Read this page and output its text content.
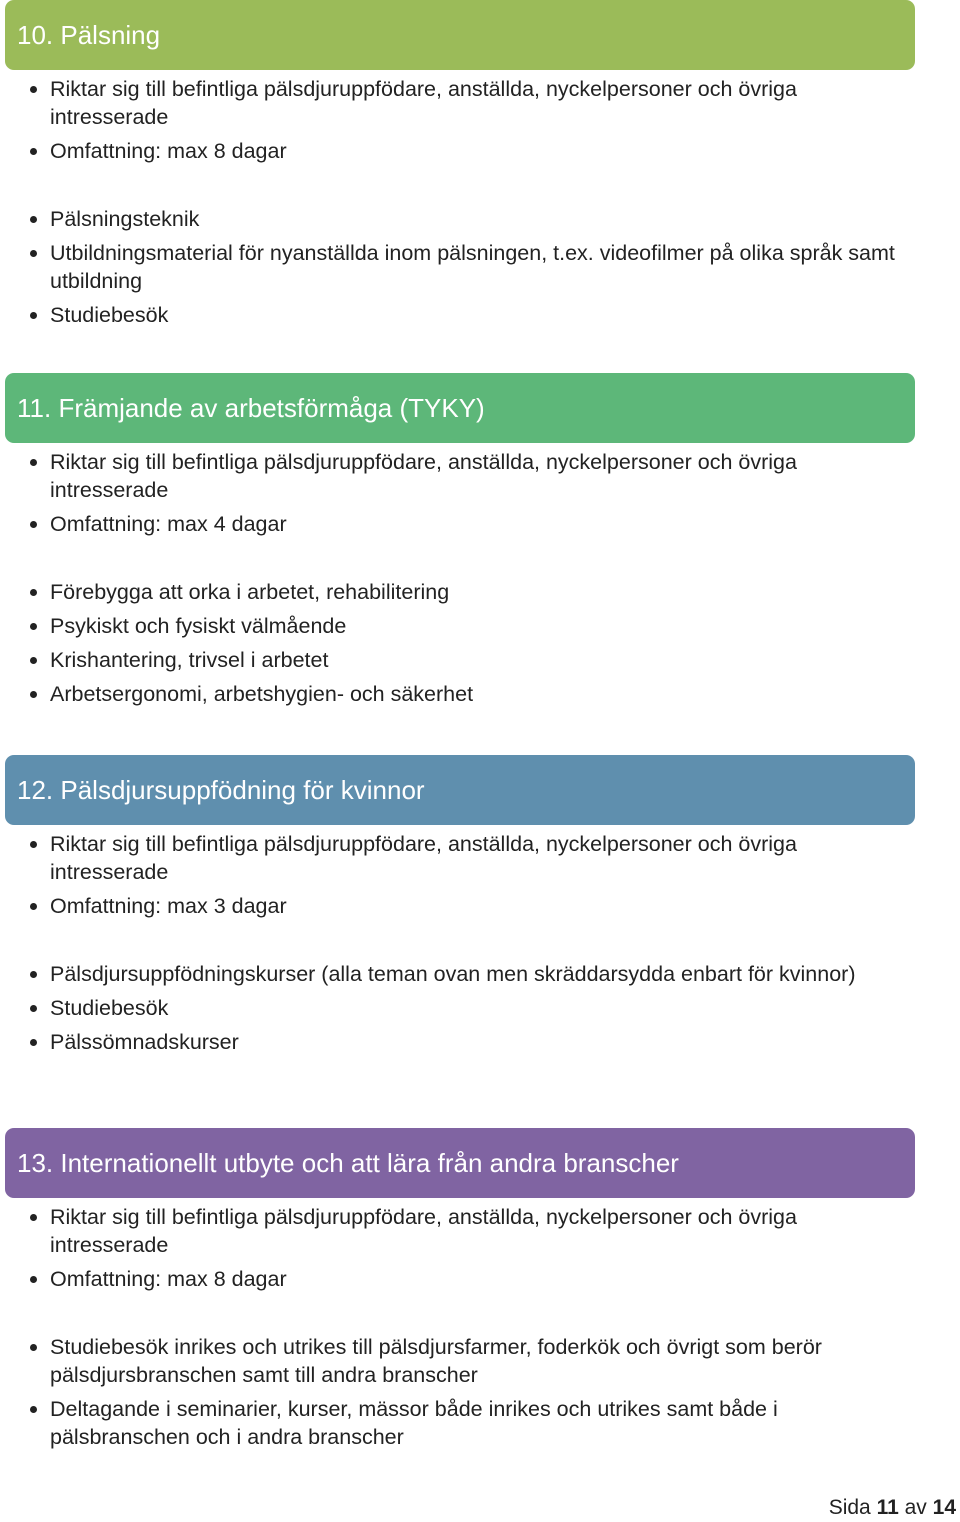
10. Pälsning
Riktar sig till befintliga pälsdjuruppfödare, anställda, nyckelpersoner och övriga intresserade
Omfattning: max 8 dagar
Pälsningsteknik
Utbildningsmaterial för nyanställda inom pälsningen, t.ex. videofilmer på olika språk samt utbildning
Studiebesök
11. Främjande av arbetsförmåga (TYKY)
Riktar sig till befintliga pälsdjuruppfödare, anställda, nyckelpersoner och övriga intresserade
Omfattning: max 4 dagar
Förebygga att orka i arbetet, rehabilitering
Psykiskt och fysiskt välmående
Krishantering, trivsel i arbetet
Arbetsergonomi, arbetshygien- och säkerhet
12. Pälsdjursuppfödning för kvinnor
Riktar sig till befintliga pälsdjuruppfödare, anställda, nyckelpersoner och övriga intresserade
Omfattning: max 3 dagar
Pälsdjursuppfödningskurser (alla teman ovan men skräddarsydda enbart för kvinnor)
Studiebesök
Pälssömnadskurser
13. Internationellt utbyte och att lära från andra branscher
Riktar sig till befintliga pälsdjuruppfödare, anställda, nyckelpersoner och övriga intresserade
Omfattning: max 8 dagar
Studiebesök inrikes och utrikes till pälsdjursfarmer, foderkök och övrigt som berör pälsdjursbranschen samt till andra branscher
Deltagande i seminarier, kurser, mässor både inrikes och utrikes samt både i pälsbranschen och i andra branscher
Sida 11 av 14
